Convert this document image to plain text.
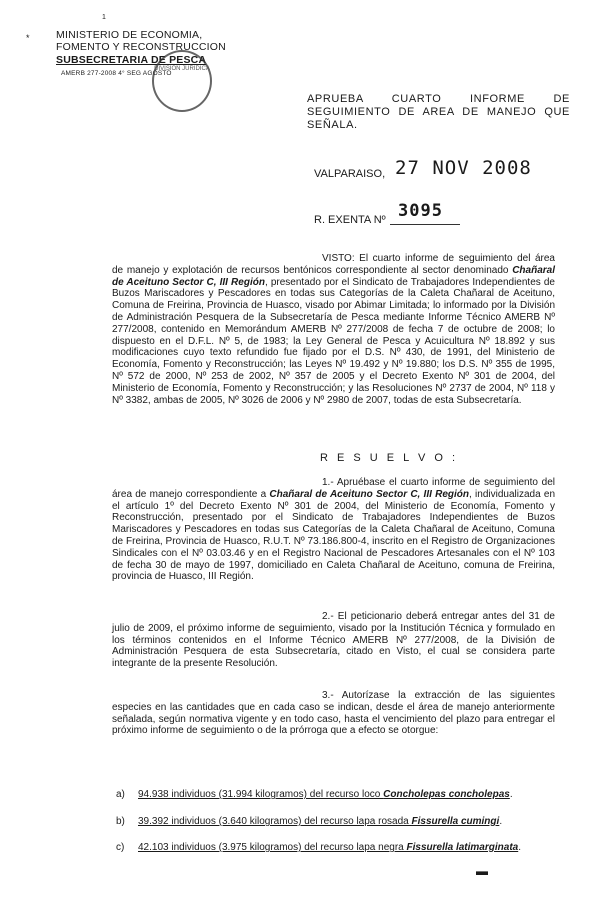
1
*	MINISTERIO DE ECONOMIA,
FOMENTO Y RECONSTRUCCION
SUBSECRETARIA DE PESCA
AMERB 277-2008 4° SEG AGOSTO
DIVISION JURIDICA
APRUEBA CUARTO INFORME DE SEGUIMIENTO DE AREA DE MANEJO QUE SEÑALA.
VALPARAISO, 27 NOV 2008
R. EXENTA Nº 3095
VISTO: El cuarto informe de seguimiento del área de manejo y explotación de recursos bentónicos correspondiente al sector denominado Chañaral de Aceituno Sector C, III Región, presentado por el Sindicato de Trabajadores Independientes de Buzos Mariscadores y Pescadores en todas sus Categorías de la Caleta Chañaral de Aceituno, Comuna de Freirina, Provincia de Huasco, visado por Abimar Limitada; lo informado por la División de Administración Pesquera de la Subsecretaría de Pesca mediante Informe Técnico AMERB Nº 277/2008, contenido en Memorándum AMERB Nº 277/2008 de fecha 7 de octubre de 2008; lo dispuesto en el D.F.L. Nº 5, de 1983; la Ley General de Pesca y Acuicultura Nº 18.892 y sus modificaciones cuyo texto refundido fue fijado por el D.S. Nº 430, de 1991, del Ministerio de Economía, Fomento y Reconstrucción; las Leyes Nº 19.492 y Nº 19.880; los D.S. Nº 355 de 1995, Nº 572 de 2000, Nº 253 de 2002, Nº 357 de 2005 y el Decreto Exento Nº 301 de 2004, del Ministerio de Economía, Fomento y Reconstrucción; y las Resoluciones Nº 2737 de 2004, Nº 118 y Nº 3382, ambas de 2005, Nº 3026 de 2006 y Nº 2980 de 2007, todas de esta Subsecretaría.
R E S U E L V O :
1.- Apruébase el cuarto informe de seguimiento del área de manejo correspondiente a Chañaral de Aceituno Sector C, III Región, individualizada en el artículo 1º del Decreto Exento Nº 301 de 2004, del Ministerio de Economía, Fomento y Reconstrucción, presentado por el Sindicato de Trabajadores Independientes de Buzos Mariscadores y Pescadores en todas sus Categorías de la Caleta Chañaral de Aceituno, Comuna de Freirina, Provincia de Huasco, R.U.T. Nº 73.186.800-4, inscrito en el Registro de Organizaciones Sindicales con el Nº 03.03.46 y en el Registro Nacional de Pescadores Artesanales con el Nº 103 de fecha 30 de mayo de 1997, domiciliado en Caleta Chañaral de Aceituno, comuna de Freirina, provincia de Huasco, III Región.
2.- El peticionario deberá entregar antes del 31 de julio de 2009, el próximo informe de seguimiento, visado por la Institución Técnica y formulado en los términos contenidos en el Informe Técnico AMERB Nº 277/2008, de la División de Administración Pesquera de esta Subsecretaría, citado en Visto, el cual se considera parte integrante de la presente Resolución.
3.- Autorízase la extracción de las siguientes especies en las cantidades que en cada caso se indican, desde el área de manejo anteriormente señalada, según normativa vigente y en todo caso, hasta el vencimiento del plazo para entregar el próximo informe de seguimiento o de la prórroga que a efecto se otorgue:
a) 94.938 individuos (31.994 kilogramos) del recurso loco Concholepas concholepas.
b) 39.392 individuos (3.640 kilogramos) del recurso lapa rosada Fissurella cumingi.
c) 42.103 individuos (3.975 kilogramos) del recurso lapa negra Fissurella latimarginata.
▬
